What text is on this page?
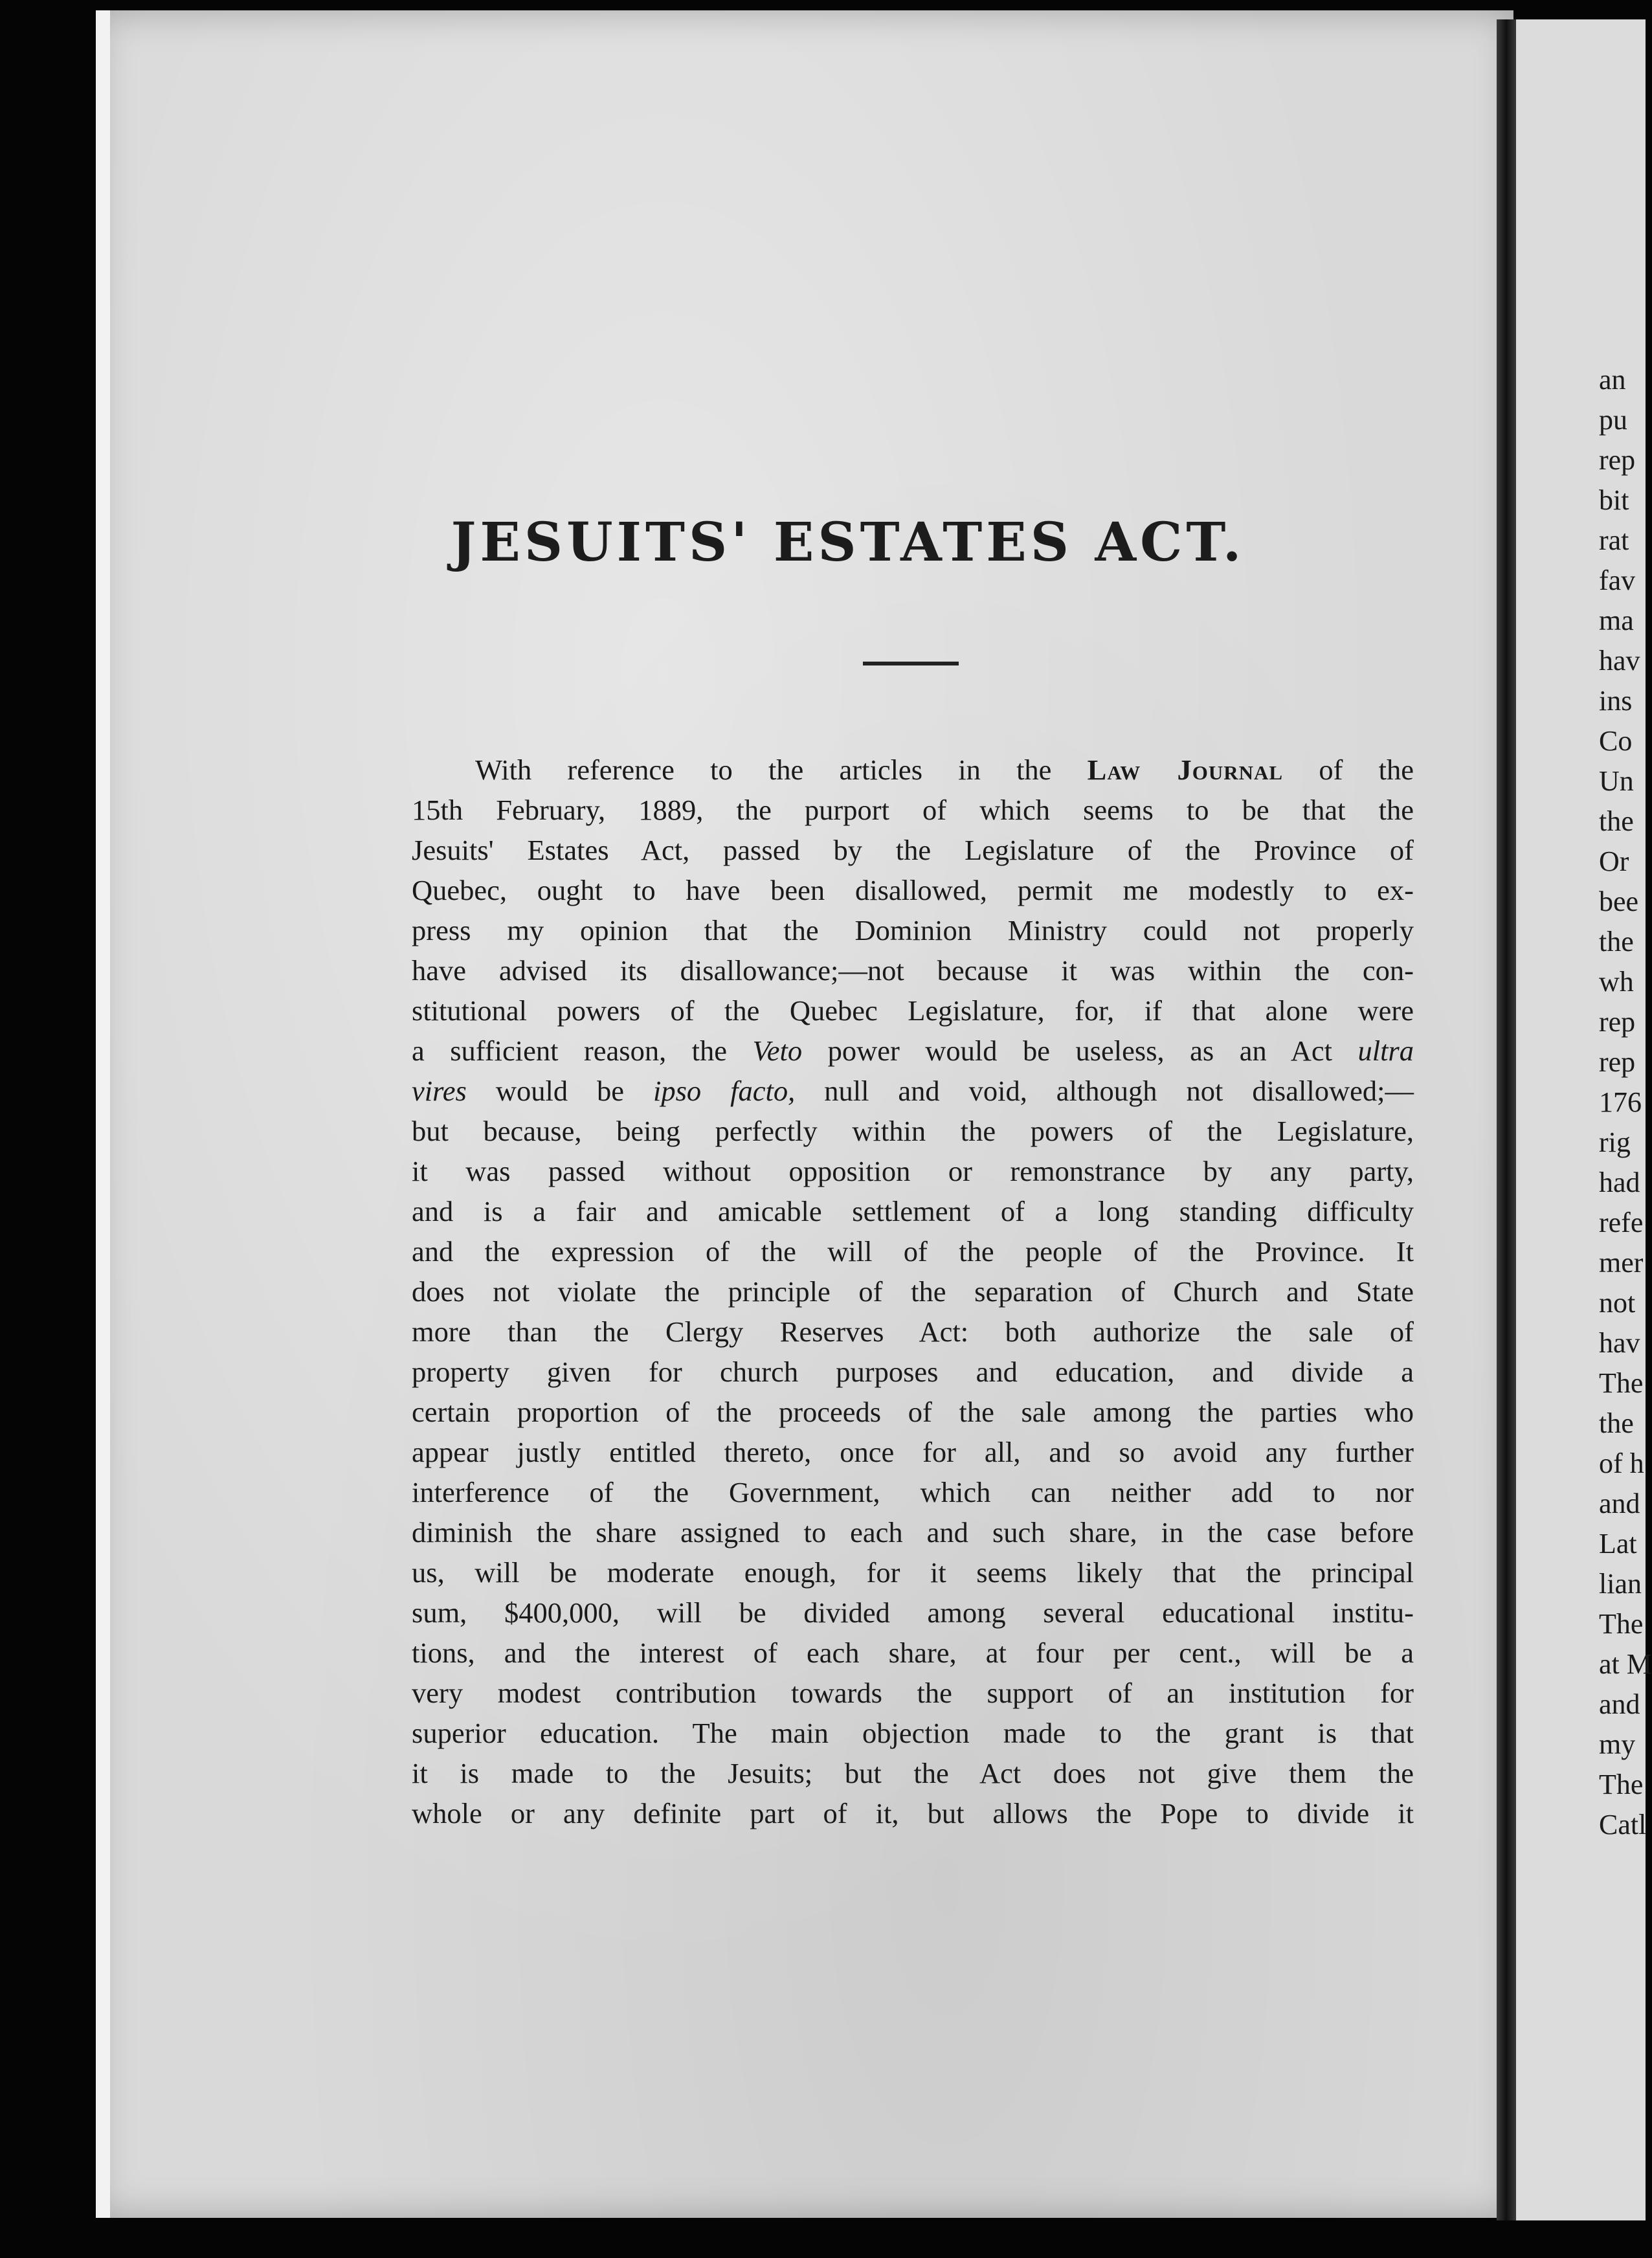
JESUITS' ESTATES ACT.
With reference to the articles in the Law Journal of the
15th February, 1889, the purport of which seems to be that the
Jesuits' Estates Act, passed by the Legislature of the Province of
Quebec, ought to have been disallowed, permit me modestly to ex-
press my opinion that the Dominion Ministry could not properly
have advised its disallowance;—not because it was within the con-
stitutional powers of the Quebec Legislature, for, if that alone were
a sufficient reason, the Veto power would be useless, as an Act ultra
vires would be ipso facto, null and void, although not disallowed;—
but because, being perfectly within the powers of the Legislature,
it was passed without opposition or remonstrance by any party,
and is a fair and amicable settlement of a long standing difficulty
and the expression of the will of the people of the Province. It
does not violate the principle of the separation of Church and State
more than the Clergy Reserves Act: both authorize the sale of
property given for church purposes and education, and divide a
certain proportion of the proceeds of the sale among the parties who
appear justly entitled thereto, once for all, and so avoid any further
interference of the Government, which can neither add to nor
diminish the share assigned to each and such share, in the case before
us, will be moderate enough, for it seems likely that the principal
sum, $400,000, will be divided among several educational institu-
tions, and the interest of each share, at four per cent., will be a
very modest contribution towards the support of an institution for
superior education. The main objection made to the grant is that
it is made to the Jesuits; but the Act does not give them the
whole or any definite part of it, but allows the Pope to divide it
an
pu
rep
bit
rat
fav
ma
hav
ins
Co
Un
the
Or
bee
the
wh
rep
rep
176
rig
had
refe
mer
not
hav
The
the
of h
and
Lat
lian
The
at M
and
my
The
Catl
